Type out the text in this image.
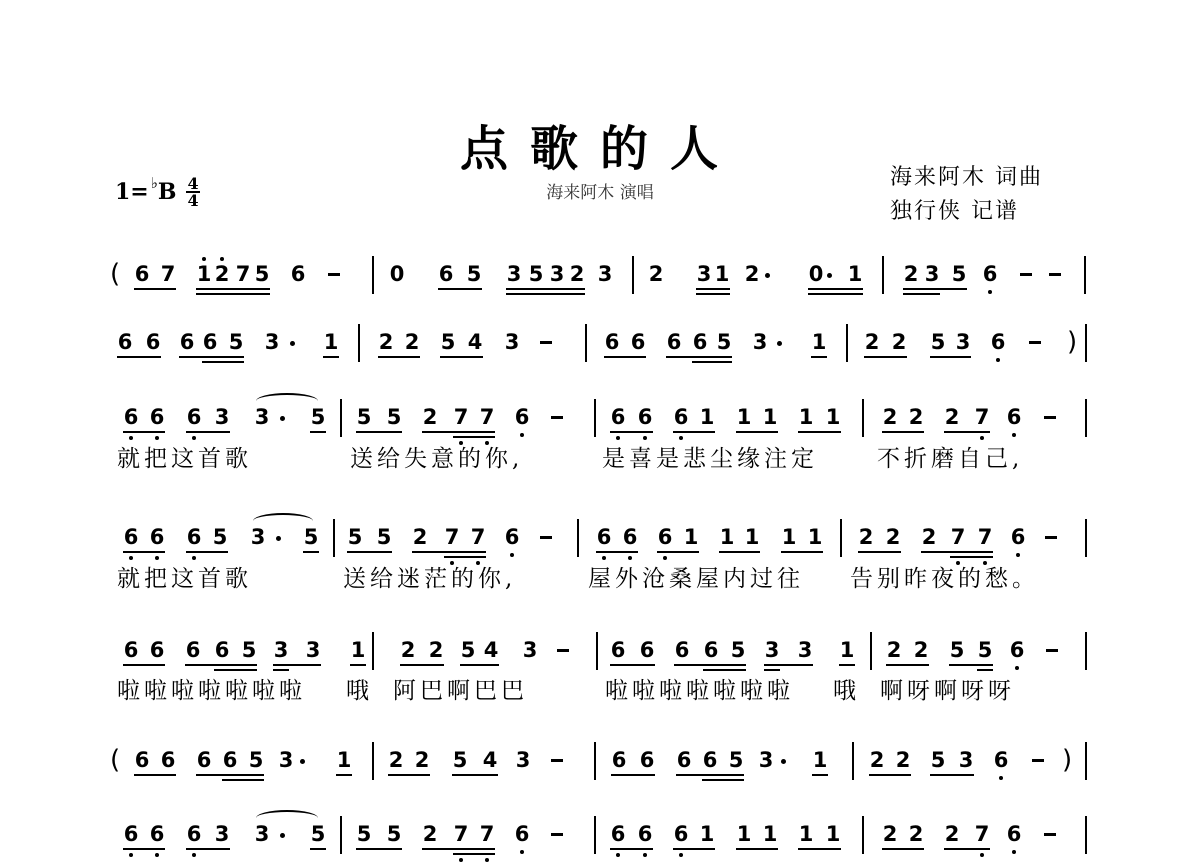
点歌的人
海来阿木 演唱
海来阿木 词曲
独行侠 记谱
1= ♭ B 4
4
6 7 1 2 7 5 6	0 6 5 3 5 3 2 3 2 3 1 2 0 1 2 3 5 6
6 6 6 6 5 3 1 2 2 5 4 3	6 6 6 6 5 3 1 2 2 5 3 6
6 6 6 3 3 5 5 5 2 7 7 6	6 6 6 1 1 1 1 1 2 2 2 7 6
就把这首歌	送给失意的你,	是喜是悲尘缘注定	不折磨自己,
6 6 6 5 3 5 5 5 2 7 7 6	6 6 6 1 1 1 1 1 2 2 2 7 7 6
就把这首歌	送给迷茫的你,	屋外沧桑屋内过往 告别昨夜的愁。
6 6 6 6 5 3 3 1 2 2 5 4 3	6 6 6 6 5 3 3 1 2 2 5 5 6
啦啦啦啦啦啦啦 哦 阿巴啊巴巴	啦啦啦啦啦啦啦 哦 啊呀啊呀呀
6 6 6 6 5 3 1 2 2 5 4 3	6 6 6 6 5 3 1 2 2 5 3 6
6 6 6 3 3 5 5 5 2 7 7 6	6 6 6 1 1 1 1 1 2 2 2 7 6
(
)
(	)
